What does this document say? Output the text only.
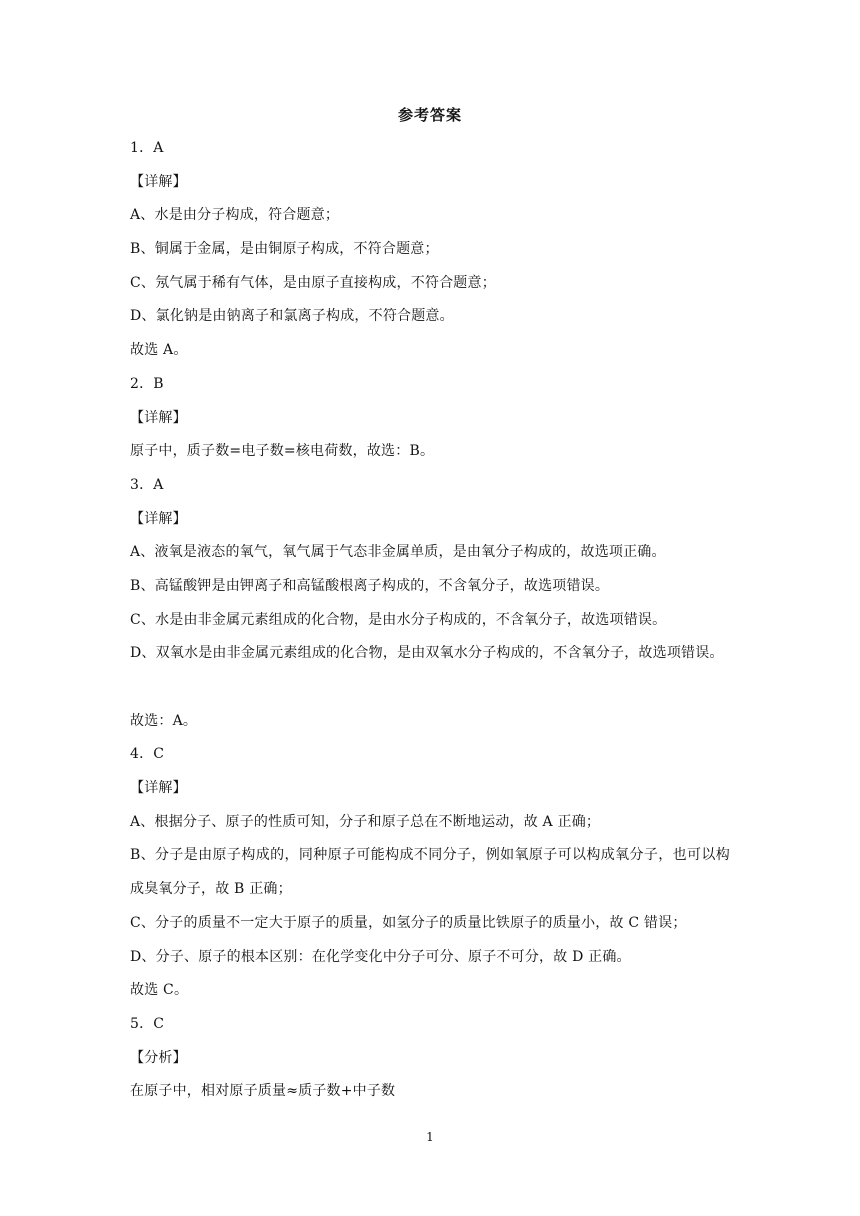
参考答案
1．A
【详解】
A、水是由分子构成，符合题意；
B、铜属于金属，是由铜原子构成，不符合题意；
C、氖气属于稀有气体，是由原子直接构成，不符合题意；
D、氯化钠是由钠离子和氯离子构成，不符合题意。
故选 A。
2．B
【详解】
原子中，质子数=电子数=核电荷数，故选：B。
3．A
【详解】
A、液氧是液态的氧气，氧气属于气态非金属单质，是由氧分子构成的，故选项正确。
B、高锰酸钾是由钾离子和高锰酸根离子构成的，不含氧分子，故选项错误。
C、水是由非金属元素组成的化合物，是由水分子构成的，不含氧分子，故选项错误。
D、双氧水是由非金属元素组成的化合物，是由双氧水分子构成的，不含氧分子，故选项错误。
故选：A。
4．C
【详解】
A、根据分子、原子的性质可知，分子和原子总在不断地运动，故 A 正确；
B、分子是由原子构成的，同种原子可能构成不同分子，例如氧原子可以构成氧分子，也可以构成臭氧分子，故 B 正确；
C、分子的质量不一定大于原子的质量，如氢分子的质量比铁原子的质量小，故 C 错误；
D、分子、原子的根本区别：在化学变化中分子可分、原子不可分，故 D 正确。
故选 C。
5．C
【分析】
在原子中，相对原子质量≈质子数+中子数
1
